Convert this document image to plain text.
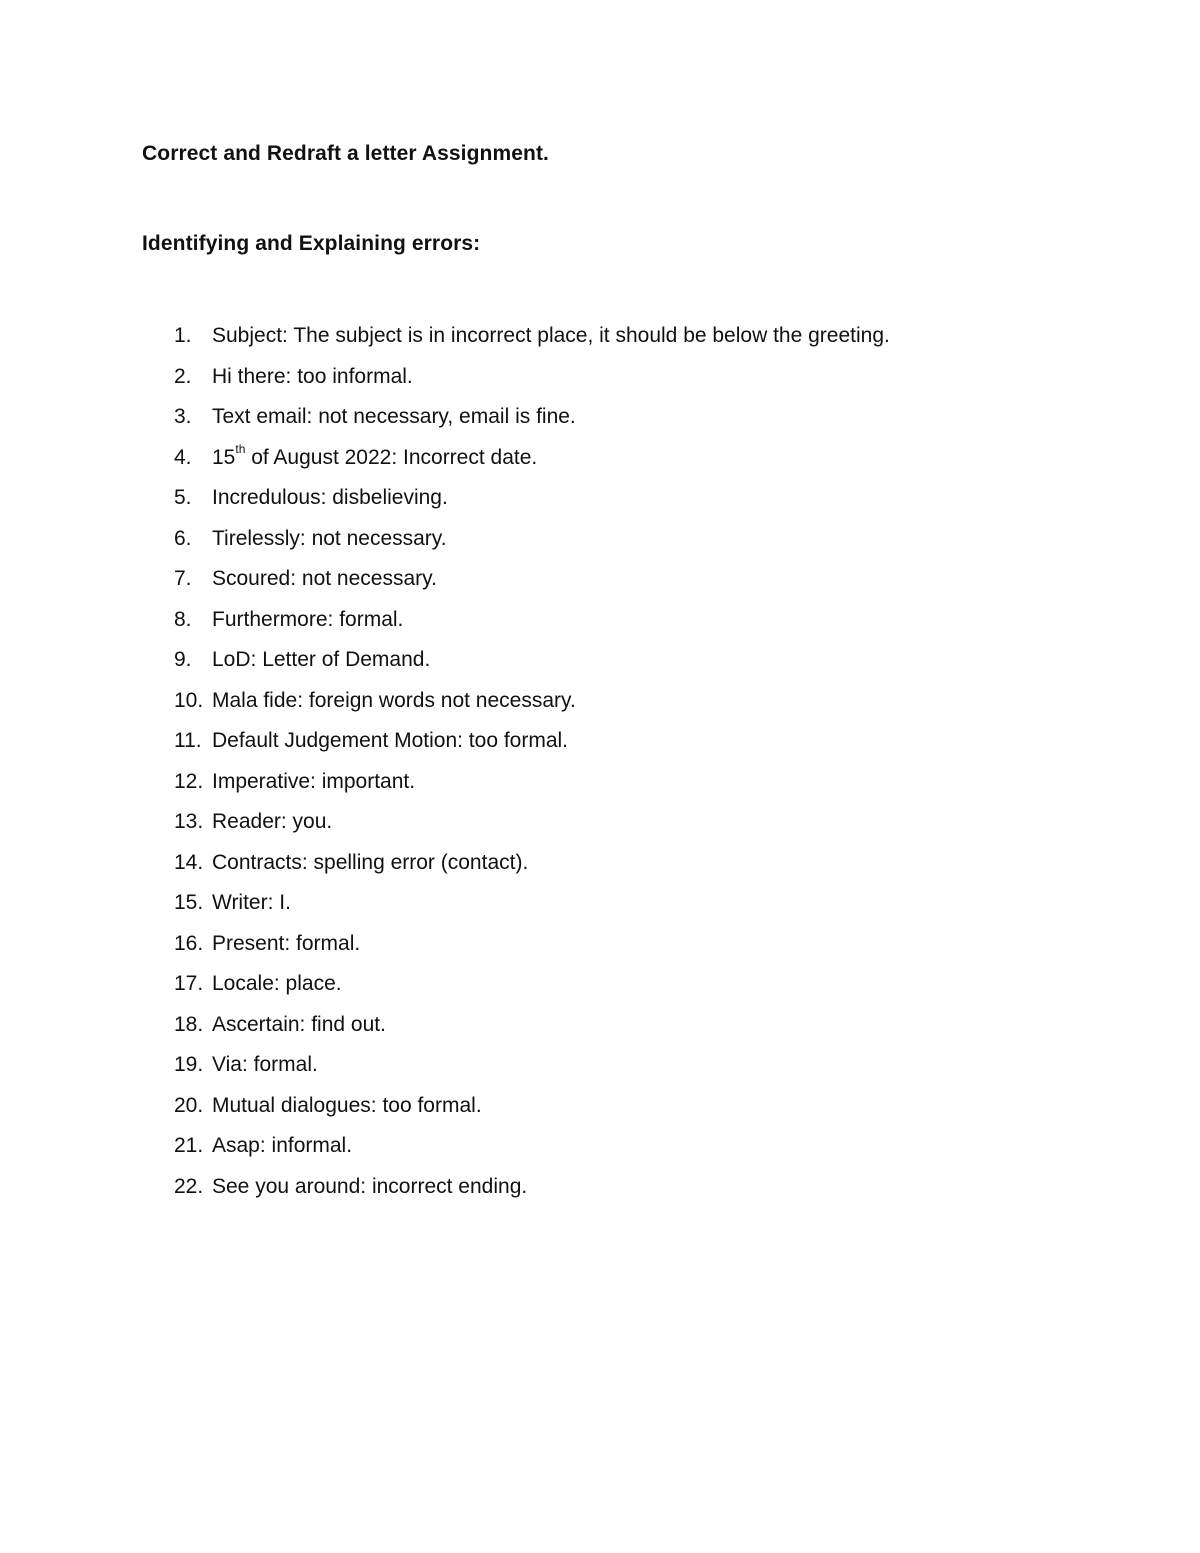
Correct and Redraft a letter Assignment.
Identifying and Explaining errors:
1. Subject: The subject is in incorrect place, it should be below the greeting.
2. Hi there: too informal.
3. Text email: not necessary, email is fine.
4. 15th of August 2022: Incorrect date.
5. Incredulous: disbelieving.
6. Tirelessly: not necessary.
7. Scoured: not necessary.
8. Furthermore: formal.
9. LoD: Letter of Demand.
10. Mala fide: foreign words not necessary.
11. Default Judgement Motion: too formal.
12. Imperative: important.
13. Reader: you.
14. Contracts: spelling error (contact).
15. Writer: I.
16. Present: formal.
17. Locale: place.
18. Ascertain: find out.
19. Via: formal.
20. Mutual dialogues: too formal.
21. Asap: informal.
22. See you around: incorrect ending.
